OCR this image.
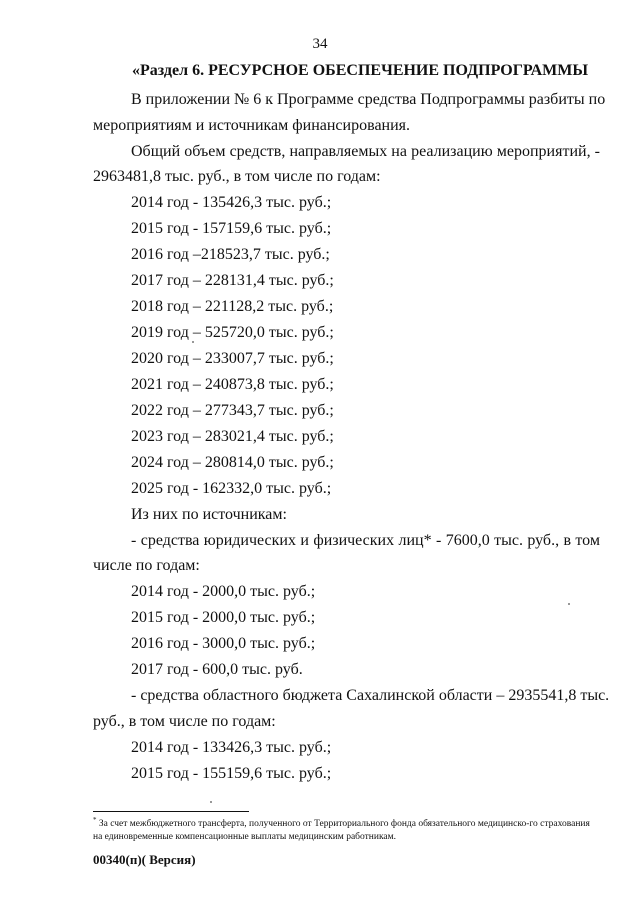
34
«Раздел 6. РЕСУРСНОЕ ОБЕСПЕЧЕНИЕ ПОДПРОГРАММЫ
В приложении № 6 к Программе средства Подпрограммы разбиты по
мероприятиям и источникам финансирования.
Общий объем средств, направляемых на реализацию мероприятий, -
2963481,8 тыс. руб., в том числе по годам:
2014 год - 135426,3 тыс. руб.;
2015 год - 157159,6 тыс. руб.;
2016 год –218523,7 тыс. руб.;
2017 год – 228131,4 тыс. руб.;
2018 год – 221128,2 тыс. руб.;
2019 год – 525720,0 тыс. руб.;
2020 год – 233007,7 тыс. руб.;
2021 год – 240873,8 тыс. руб.;
2022 год – 277343,7 тыс. руб.;
2023 год – 283021,4 тыс. руб.;
2024 год – 280814,0 тыс. руб.;
2025 год - 162332,0 тыс. руб.;
Из них по источникам:
- средства юридических и физических лиц* - 7600,0 тыс. руб., в том
числе по годам:
2014 год - 2000,0 тыс. руб.;
2015 год - 2000,0 тыс. руб.;
2016 год - 3000,0 тыс. руб.;
2017 год - 600,0 тыс. руб.
- средства областного бюджета Сахалинской области – 2935541,8 тыс.
руб., в том числе по годам:
2014 год - 133426,3 тыс. руб.;
2015 год - 155159,6 тыс. руб.;
* За счет межбюджетного трансферта, полученного от Территориального фонда обязательного медицинско-го страхования на единовременные компенсационные выплаты медицинским работникам.
00340(п)( Версия)
